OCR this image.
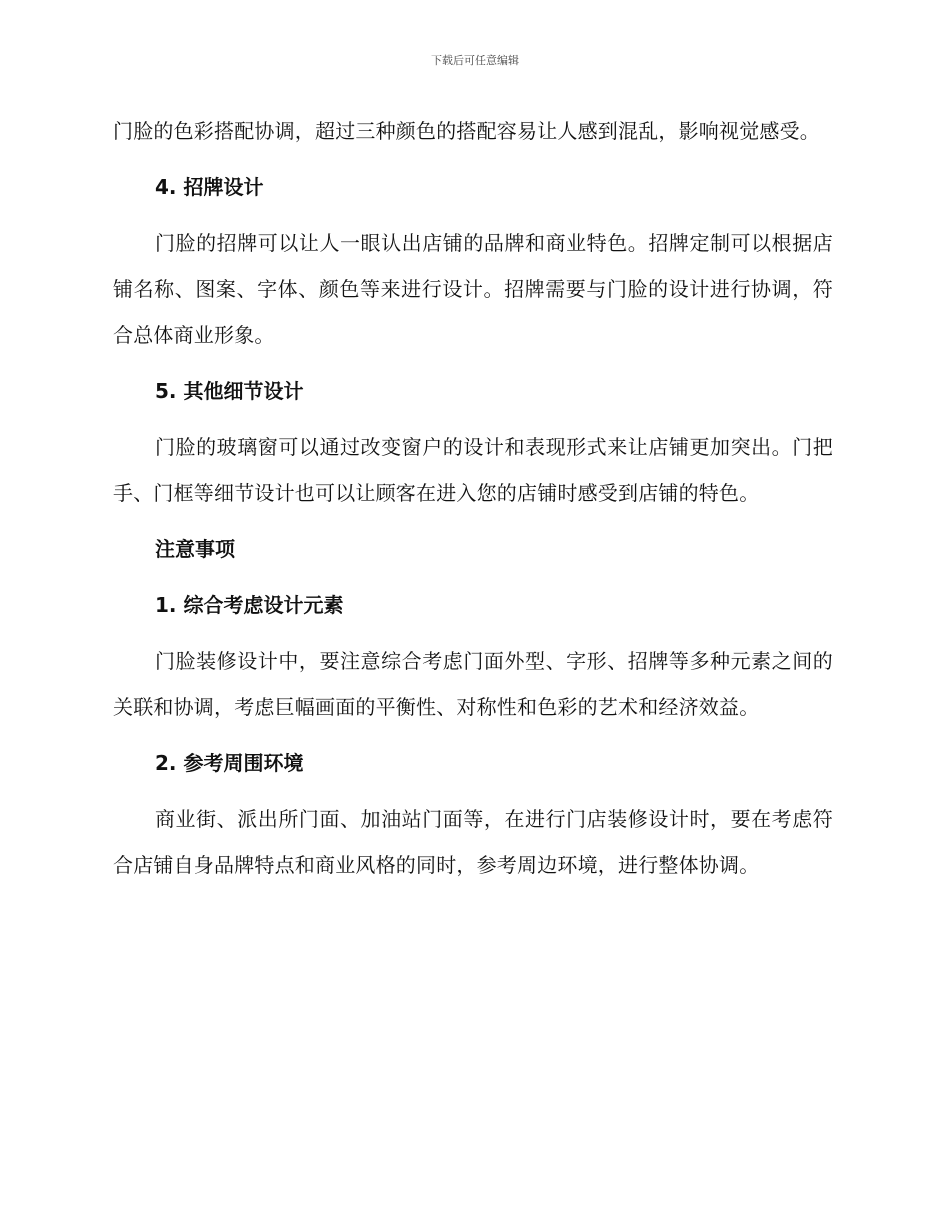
下载后可任意编辑

门脸的色彩搭配协调，超过三种颜色的搭配容易让人感到混乱，影响视觉感受。

4. 招牌设计

门脸的招牌可以让人一眼认出店铺的品牌和商业特色。招牌定制可以根据店铺名称、图案、字体、颜色等来进行设计。招牌需要与门脸的设计进行协调，符合总体商业形象。

5. 其他细节设计

门脸的玻璃窗可以通过改变窗户的设计和表现形式来让店铺更加突出。门把手、门框等细节设计也可以让顾客在进入您的店铺时感受到店铺的特色。

注意事项
1. 综合考虑设计元素

门脸装修设计中，要注意综合考虑门面外型、字形、招牌等多种元素之间的关联和协调，考虑巨幅画面的平衡性、对称性和色彩的艺术和经济效益。

2. 参考周围环境

商业街、派出所门面、加油站门面等，在进行门店装修设计时，要在考虑符合店铺自身品牌特点和商业风格的同时，参考周边环境，进行整体协调。
